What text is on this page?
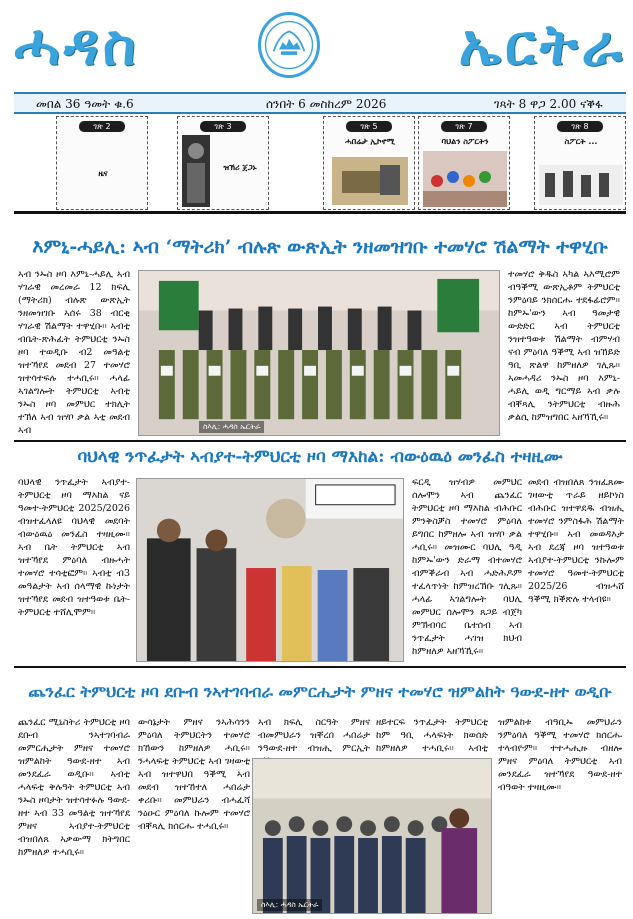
ሓዳስ	ኤርትራ
መበል 36 ዓመት ቁ.6	ሰንበት 6 መስከረም 2026	ገጻት 8 ዋጋ 2.00 ናቕፋ
ገጽ 2
ዜና
ገጽ 3
ዝኽሪ ጀጋኑ
ገጽ 5
ሓበሬታ ኢኮኖሚ
ገጽ 7
ባህልን ስፖርትን
ገጽ 8
ስፖርት ...
እምኒ-ሓይሊ: ኣብ ‘ማትሪክ’ ብሉጽ ውጽኢት ንዘመዝገቡ ተመሃሮ ሽልማት ተዋሂቡ
ኣብ ንኡስ ዞባ እምኒ-ሓይሊ ኣብ ሃገራዊ መረመራ 12 ክፍሊ (ማትሪክ) ብሉጽ ውጽኢት ንዘመዝገቡ ኣሰሩ 38 ብርቂ ሃገራዊ ሽልማት ተዋሂቡ። ኣብቲ ብቤት-ጽሕፈት ትምህርቲ ንኡስ ዞባ ተወዲቡ ብ2 መዓልቲ ዝተኻየደ መደብ 27 ተመሃሮ ዝተሳተፍሉ ተሓቢሩ። ሓላፊ ኣገልግሎት ትምህርቲ ኣብቲ ንኡስ ዞባ መምህር ተክሊት ተኽለ ኣብ ዝሃቦ ቃል ኣቲ መደብ ኣብ	ስእሊ: ሓዳስ ኤርትራ
ተመሃሮ ቅዱስ ኣካል ኣእሚሮም ብዓቕሚ ውጽኢቶም ትምህርቲ ንምዕባይ ንክሰርሑ ተደፋፊሮም። ከምኡ'ውን ኣብ ዓመታዊ ውድድር ኣብ ትምህርቲ ንዝተዓወቱ ሽልማት ብምሃብ ናብ ምዕባለ ዓቕሚ ኣብ ዝኸይድ ዓቢ ጽልዋ ከምዘለዎ ገሊጹ። ኣመሓዳሪ ንኡስ ዞባ እምኒ-ሓይሊ ወዲ ግርማይ ኣብ ቃሉ ብቐጻሊ ንትምህርቲ ብዙሕ ቃልሲ ከምዝግበር ኣዘኻኺሩ።
ባህላዊ ንጥፈታት ኣብያተ-ትምህርቲ ዞባ ማእከል: ብውዕዉዕ መንፈስ ተዛዚሙ
ባህላዊ ንጥፈታት ኣብያተ-ትምህርቲ ዞባ ማእከል ናይ ዓመተ-ትምህርቲ 2025/2026 ብዝተፈላለዩ ባህላዊ መደባት ብውዕዉዕ መንፈስ ተዛዚሙ። ኣብ ቤት ትምህርቲ ኣብ ዝተኻየደ ምዕባለ ብዙሓት ተመሃሮ ተሳቲፎም። ኣብቲ ብ3 መዓልታት ኣብ ሰላማዊ ኩነታት ዝተኻየደ መደብ ዝተዓወቱ ቤት-ትምህርቲ ተሸሊሞም።
ፍርዲ ዝሃብዎ መምህር ሰሎሞን ኣብ ጨንፈር ትምህርቲ ዞባ ማእከል ብሕቡር ምንቅስቓስ ተመሃሮ ምዕባለ ይግበር ከምዘሎ ኣብ ዝሃቦ ቃል ሓቢሩ። መዝሙር ባህሊ ዓዲ ከምኡ'ውን ድራማ ብተመሃሮ ብምቕራብ ኣብ ሓድሕዶም ተፈላጥነት ከምዝረኽቡ ገሊጹ። ሓላፊ ኣገልግሎት ባህሊ መምህር ሰሎሞን ጸጋይ ብጀካ ምኽብባር ቤተሰብ ኣብ ንጥፈታት ሓገዝ ክህብ ከምዘለዎ ኣዘኻኺሩ።
መደብ ብዝበለጸ ንዝፈጸሙ ገዛውቲ ጥራይ ዘይኮነስ ብሕቡር ዝተዋደዱ ብዝሒ ተመሃሮ ንምስፋሕ ሽልማት ተዋሂቡ። ኣብ መወዳእታ ኣብ ደረጃ ዞባ ዝተዓወቱ ኣብያተ-ትምህርቲ ንኩሎም ተመሃሮ ዓመተ-ትምህርቲ 2025/26 ብዝሓሸ ዓቕሚ ክቕጽሉ ተላብዩ።
ጨንፈር ትምህርቲ ዞባ ደቡብ ንኣተገባብራ መምርሒታት ምዘና ተመሃሮ ዝምልከት ዓውደ-ዘተ ወዲቡ
ጨንፈር ሚኒስትሪ ትምህርቲ ዞባ ደቡብ ንኣተገባብራ መምርሒታት ምዘና ተመሃሮ ዝምልከት ዓውደ-ዘተ ኣብ መንደፈራ ወዲቡ። ኣብቲ ሓላፍቲ ቅሉዓት ትምህርቲ ኣብ ንኡስ ዞባታት ዝተሳተፉሉ ዓውደ-ዘተ ኣብ 33 መዓልቲ ዝተኻየደ ምዘና ኣብያተ-ትምህርቲ ብዝበለጸ ኣቃውማ ክትግበር ከምዘለዎ ተሓቢሩ።
ውሳኔታት ምዘና ንኣሕሳንን ምዕባለ ትምህርትን ተመሃሮ ክኸውን ከምዘለዎ ሓቢሩ። ንሓላፍቲ ትምህርቲ ኣብ ገዛውቲ ኣብ ዝተዋህበ ዓቕሚ ኣብ መደብ ዝተኸተለ ሓበሬታ ቀሪቡ። መምህራን ብሓፈሻ ንዕዑር ምዕባለ ኩሎም ተመሃሮ ብቐጻሊ ክሰርሑ ተሓቢሩ።
ኣብ ክፍሊ ስርዓት ምዘና ብመምህራን ዝቐረበ ሓበሬታ ንዓውደ-ዘተ ብዝሒ ምርኢት
ዘይተርፍ ንጥፈታት ትምህርቲ ከም ዓቢ ሓላፍነት ክወሰድ ከምዘለዎ ተሓቢሩ። ኣብቲ
ስእሊ: ሓዳስ ኤርትራ
ዝምልከቱ ብዓቢኡ መምህራን ንምዕባለ ዓቕሚ ተመሃሮ ክሰርሑ ተላብዮም። ተተሓሒዙ ብዘሎ ምዘና ምዕባለ ትምህርቲ ኣብ መንደፈራ ዝተኻየደ ዓውደ-ዘተ ብዓወት ተዛዚሙ።
